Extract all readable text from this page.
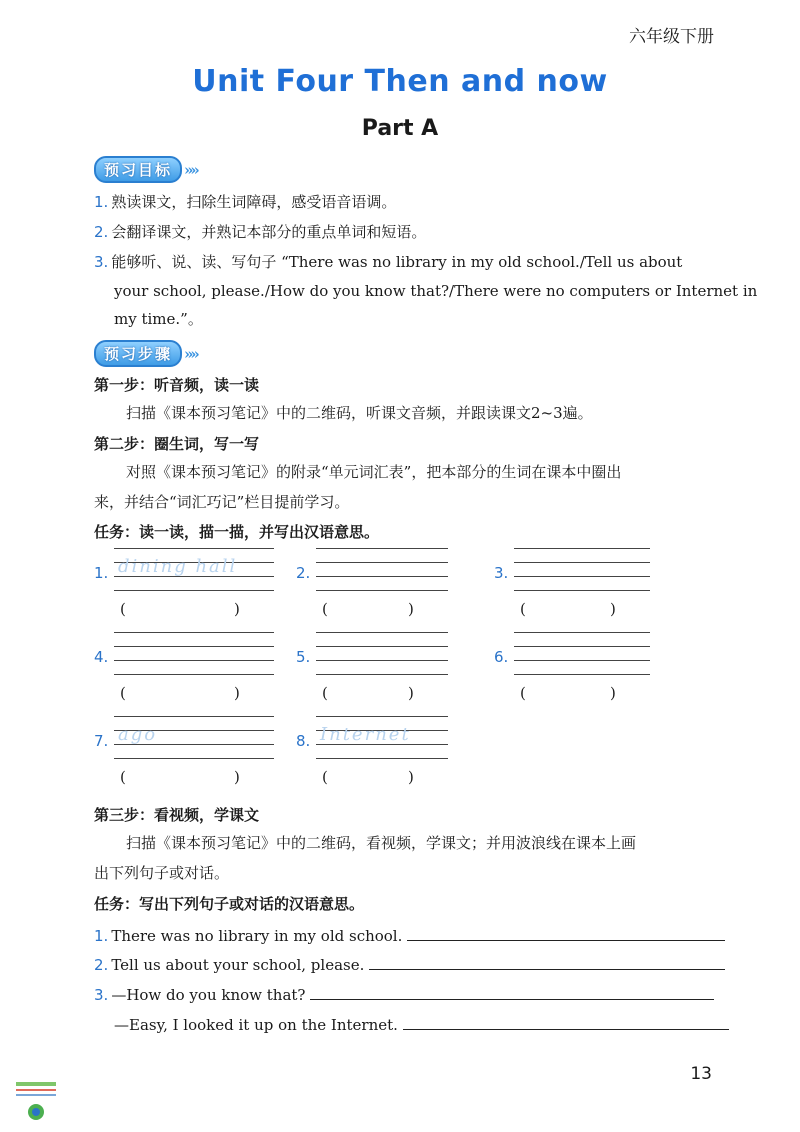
六年级下册
Unit Four Then and now
Part A
预习目标 »»
1. 熟读课文，扫除生词障碍，感受语音语调。
2. 会翻译课文，并熟记本部分的重点单词和短语。
3. 能够听、说、读、写句子 “There was no library in my old school./Tell us about
your school, please./How do you know that?/There were no computers or Internet in
my time.”。
预习步骤 »»
第一步：听音频，读一读
扫描《课本预习笔记》中的二维码，听课文音频，并跟读课文2~3遍。
第二步：圈生词，写一写
对照《课本预习笔记》的附录“单元词汇表”，把本部分的生词在课本中圈出
来，并结合“词汇巧记”栏目提前学习。
任务：读一读，描一描，并写出汉语意思。
1. dining hall
(	)
2.
(	)
3.
(	)
4.
(	)
5.
(	)
6.
(	)
7. ago
(	)
8. Internet
(	)
第三步：看视频，学课文
扫描《课本预习笔记》中的二维码，看视频，学课文；并用波浪线在课本上画
出下列句子或对话。
任务：写出下列句子或对话的汉语意思。
1. There was no library in my old school.
2. Tell us about your school, please.
3. —How do you know that?
—Easy, I looked it up on the Internet.
13
